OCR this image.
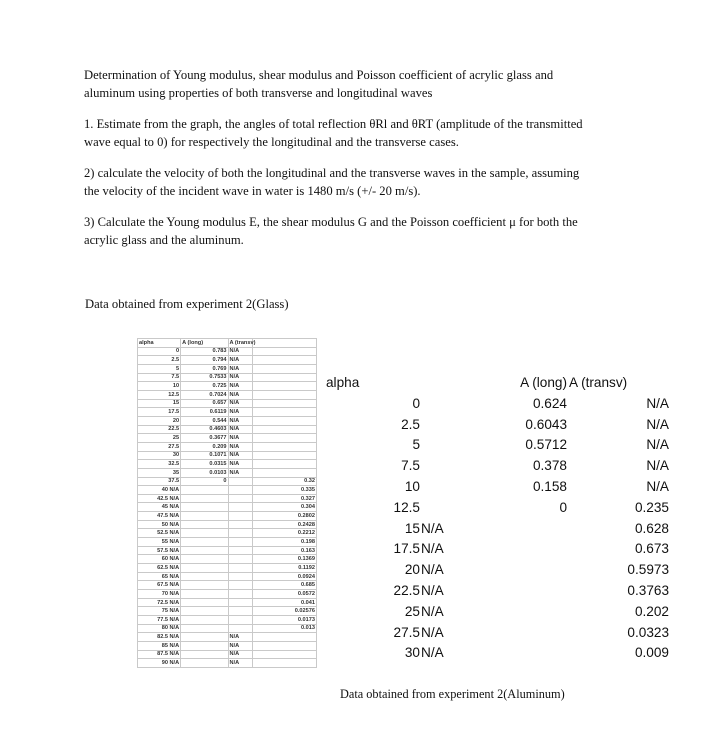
Determination of Young modulus, shear modulus and Poisson coefficient of acrylic glass and
aluminum using properties of both transverse and longitudinal waves

1. Estimate from the graph, the angles of total reflection θRl and θRT (amplitude of the transmitted
wave equal to 0) for respectively the longitudinal and the transverse cases.

2) calculate the velocity of both the longitudinal and the transverse waves in the sample, assuming
the velocity of the incident wave in water is 1480 m/s (+/- 20 m/s).

3) Calculate the Young modulus E, the shear modulus G and the Poisson coefficient μ for both the
acrylic glass and the aluminum.

Data obtained from experiment 2(Glass)
alpha	A (long)	A (transv)	
0	0.783	N/A	
2.5	0.794	N/A	
5	0.769	N/A	
7.5	0.7533	N/A	
10	0.725	N/A	
12.5	0.7024	N/A	
15	0.657	N/A	
17.5	0.6119	N/A	
20	0.544	N/A	
22.5	0.4603	N/A	
25	0.3677	N/A	
27.5	0.209	N/A	
30	0.1071	N/A	
32.5	0.0315	N/A	
35	0.0103	N/A	
37.5	0		0.32
40 N/A			0.335
42.5 N/A			0.327
45 N/A			0.304
47.5 N/A			0.2802
50 N/A			0.2428
52.5 N/A			0.2212
55 N/A			0.198
57.5 N/A			0.163
60 N/A			0.1369
62.5 N/A			0.1192
65 N/A			0.0924
67.5 N/A			0.685
70 N/A			0.0572
72.5 N/A			0.041
75 N/A			0.02576
77.5 N/A			0.0173
80 N/A			0.013
82.5 N/A		N/A	
85 N/A		N/A	
87.5 N/A		N/A	
90 N/A		N/A	
alpha		A (long)	A (transv)
0		0.624	N/A
2.5		0.6043	N/A
5		0.5712	N/A
7.5		0.378	N/A
10		0.158	N/A
12.5		0	0.235
15	N/A		0.628
17.5	N/A		0.673
20	N/A		0.5973
22.5	N/A		0.3763
25	N/A		0.202
27.5	N/A		0.0323
30	N/A		0.009
Data obtained from experiment 2(Aluminum)
